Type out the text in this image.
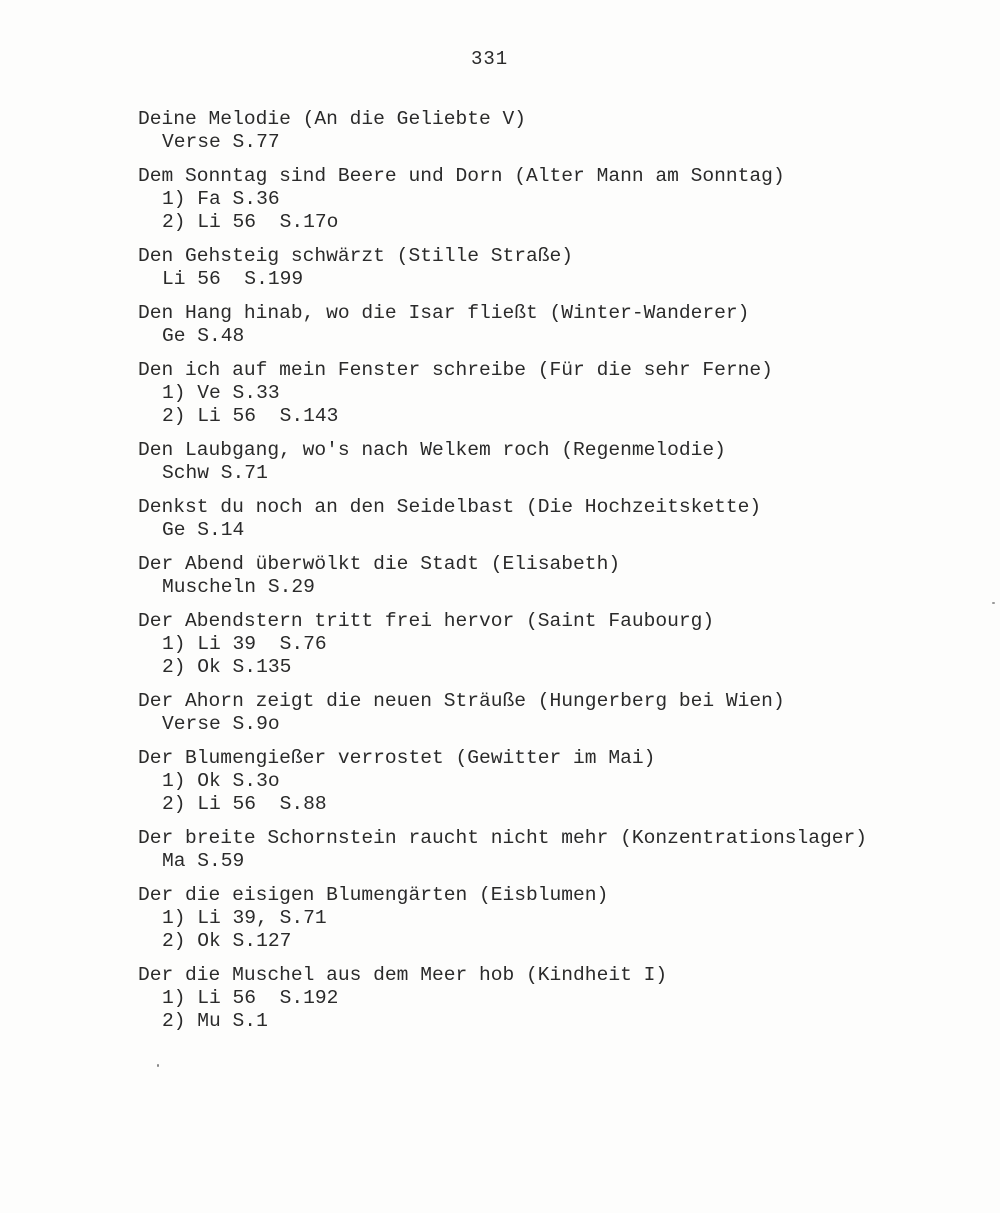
331
Deine Melodie (An die Geliebte V)
Verse S.77
Dem Sonntag sind Beere und Dorn (Alter Mann am Sonntag)
1) Fa S.36
2) Li 56  S.17o
Den Gehsteig schwärzt (Stille Straße)
Li 56  S.199
Den Hang hinab, wo die Isar fließt (Winter-Wanderer)
Ge S.48
Den ich auf mein Fenster schreibe (Für die sehr Ferne)
1) Ve S.33
2) Li 56  S.143
Den Laubgang, wo's nach Welkem roch (Regenmelodie)
Schw S.71
Denkst du noch an den Seidelbast (Die Hochzeitskette)
Ge S.14
Der Abend überwölkt die Stadt (Elisabeth)
Muscheln S.29
Der Abendstern tritt frei hervor (Saint Faubourg)
1) Li 39  S.76
2) Ok S.135
Der Ahorn zeigt die neuen Sträuße (Hungerberg bei Wien)
Verse S.9o
Der Blumengießer verrostet (Gewitter im Mai)
1) Ok S.3o
2) Li 56  S.88
Der breite Schornstein raucht nicht mehr (Konzentrationslager)
Ma S.59
Der die eisigen Blumengärten (Eisblumen)
1) Li 39, S.71
2) Ok S.127
Der die Muschel aus dem Meer hob (Kindheit I)
1) Li 56  S.192
2) Mu S.1
